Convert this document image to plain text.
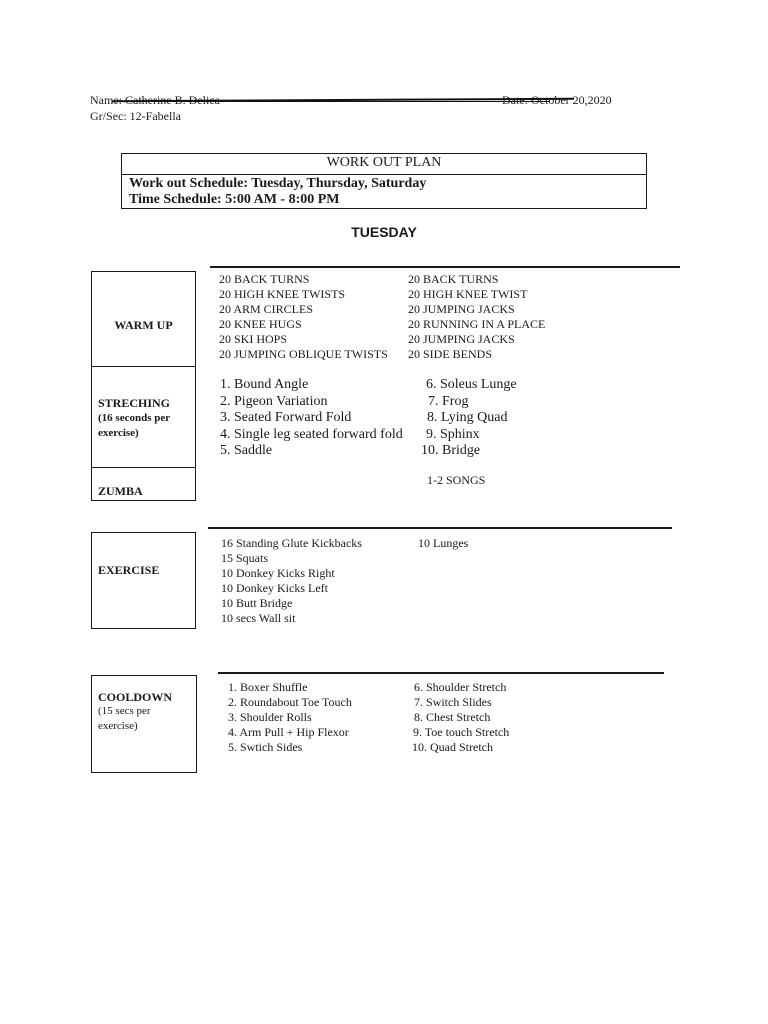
Name: Catherine B. Delica	Date: October 20,2020
Gr/Sec: 12-Fabella
WORK OUT PLAN
Work out Schedule: Tuesday, Thursday, Saturday
Time Schedule: 5:00 AM - 8:00 PM
TUESDAY
WARM UP
STRECHING
(16 seconds per
exercise)
ZUMBA
20 BACK TURNS
20 HIGH KNEE TWISTS
20 ARM CIRCLES
20 KNEE HUGS
20 SKI HOPS
20 JUMPING OBLIQUE TWISTS
20 BACK TURNS
20 HIGH KNEE TWIST
20 JUMPING JACKS
20 RUNNING IN A PLACE
20 JUMPING JACKS
20 SIDE BENDS
1. Bound Angle
2. Pigeon Variation
3. Seated Forward Fold
4. Single leg seated forward fold
5. Saddle
6. Soleus Lunge
7. Frog
8. Lying Quad
9. Sphinx
10. Bridge
1-2 SONGS
EXERCISE
16 Standing Glute Kickbacks
15 Squats
10 Donkey Kicks Right
10 Donkey Kicks Left
10 Butt Bridge
10 secs Wall sit
10 Lunges
COOLDOWN
(15 secs per
exercise)
1. Boxer Shuffle
2. Roundabout Toe Touch
3. Shoulder Rolls
4. Arm Pull + Hip Flexor
5. Swtich Sides
6. Shoulder Stretch
7. Switch Slides
8. Chest Stretch
9. Toe touch Stretch
10. Quad Stretch
